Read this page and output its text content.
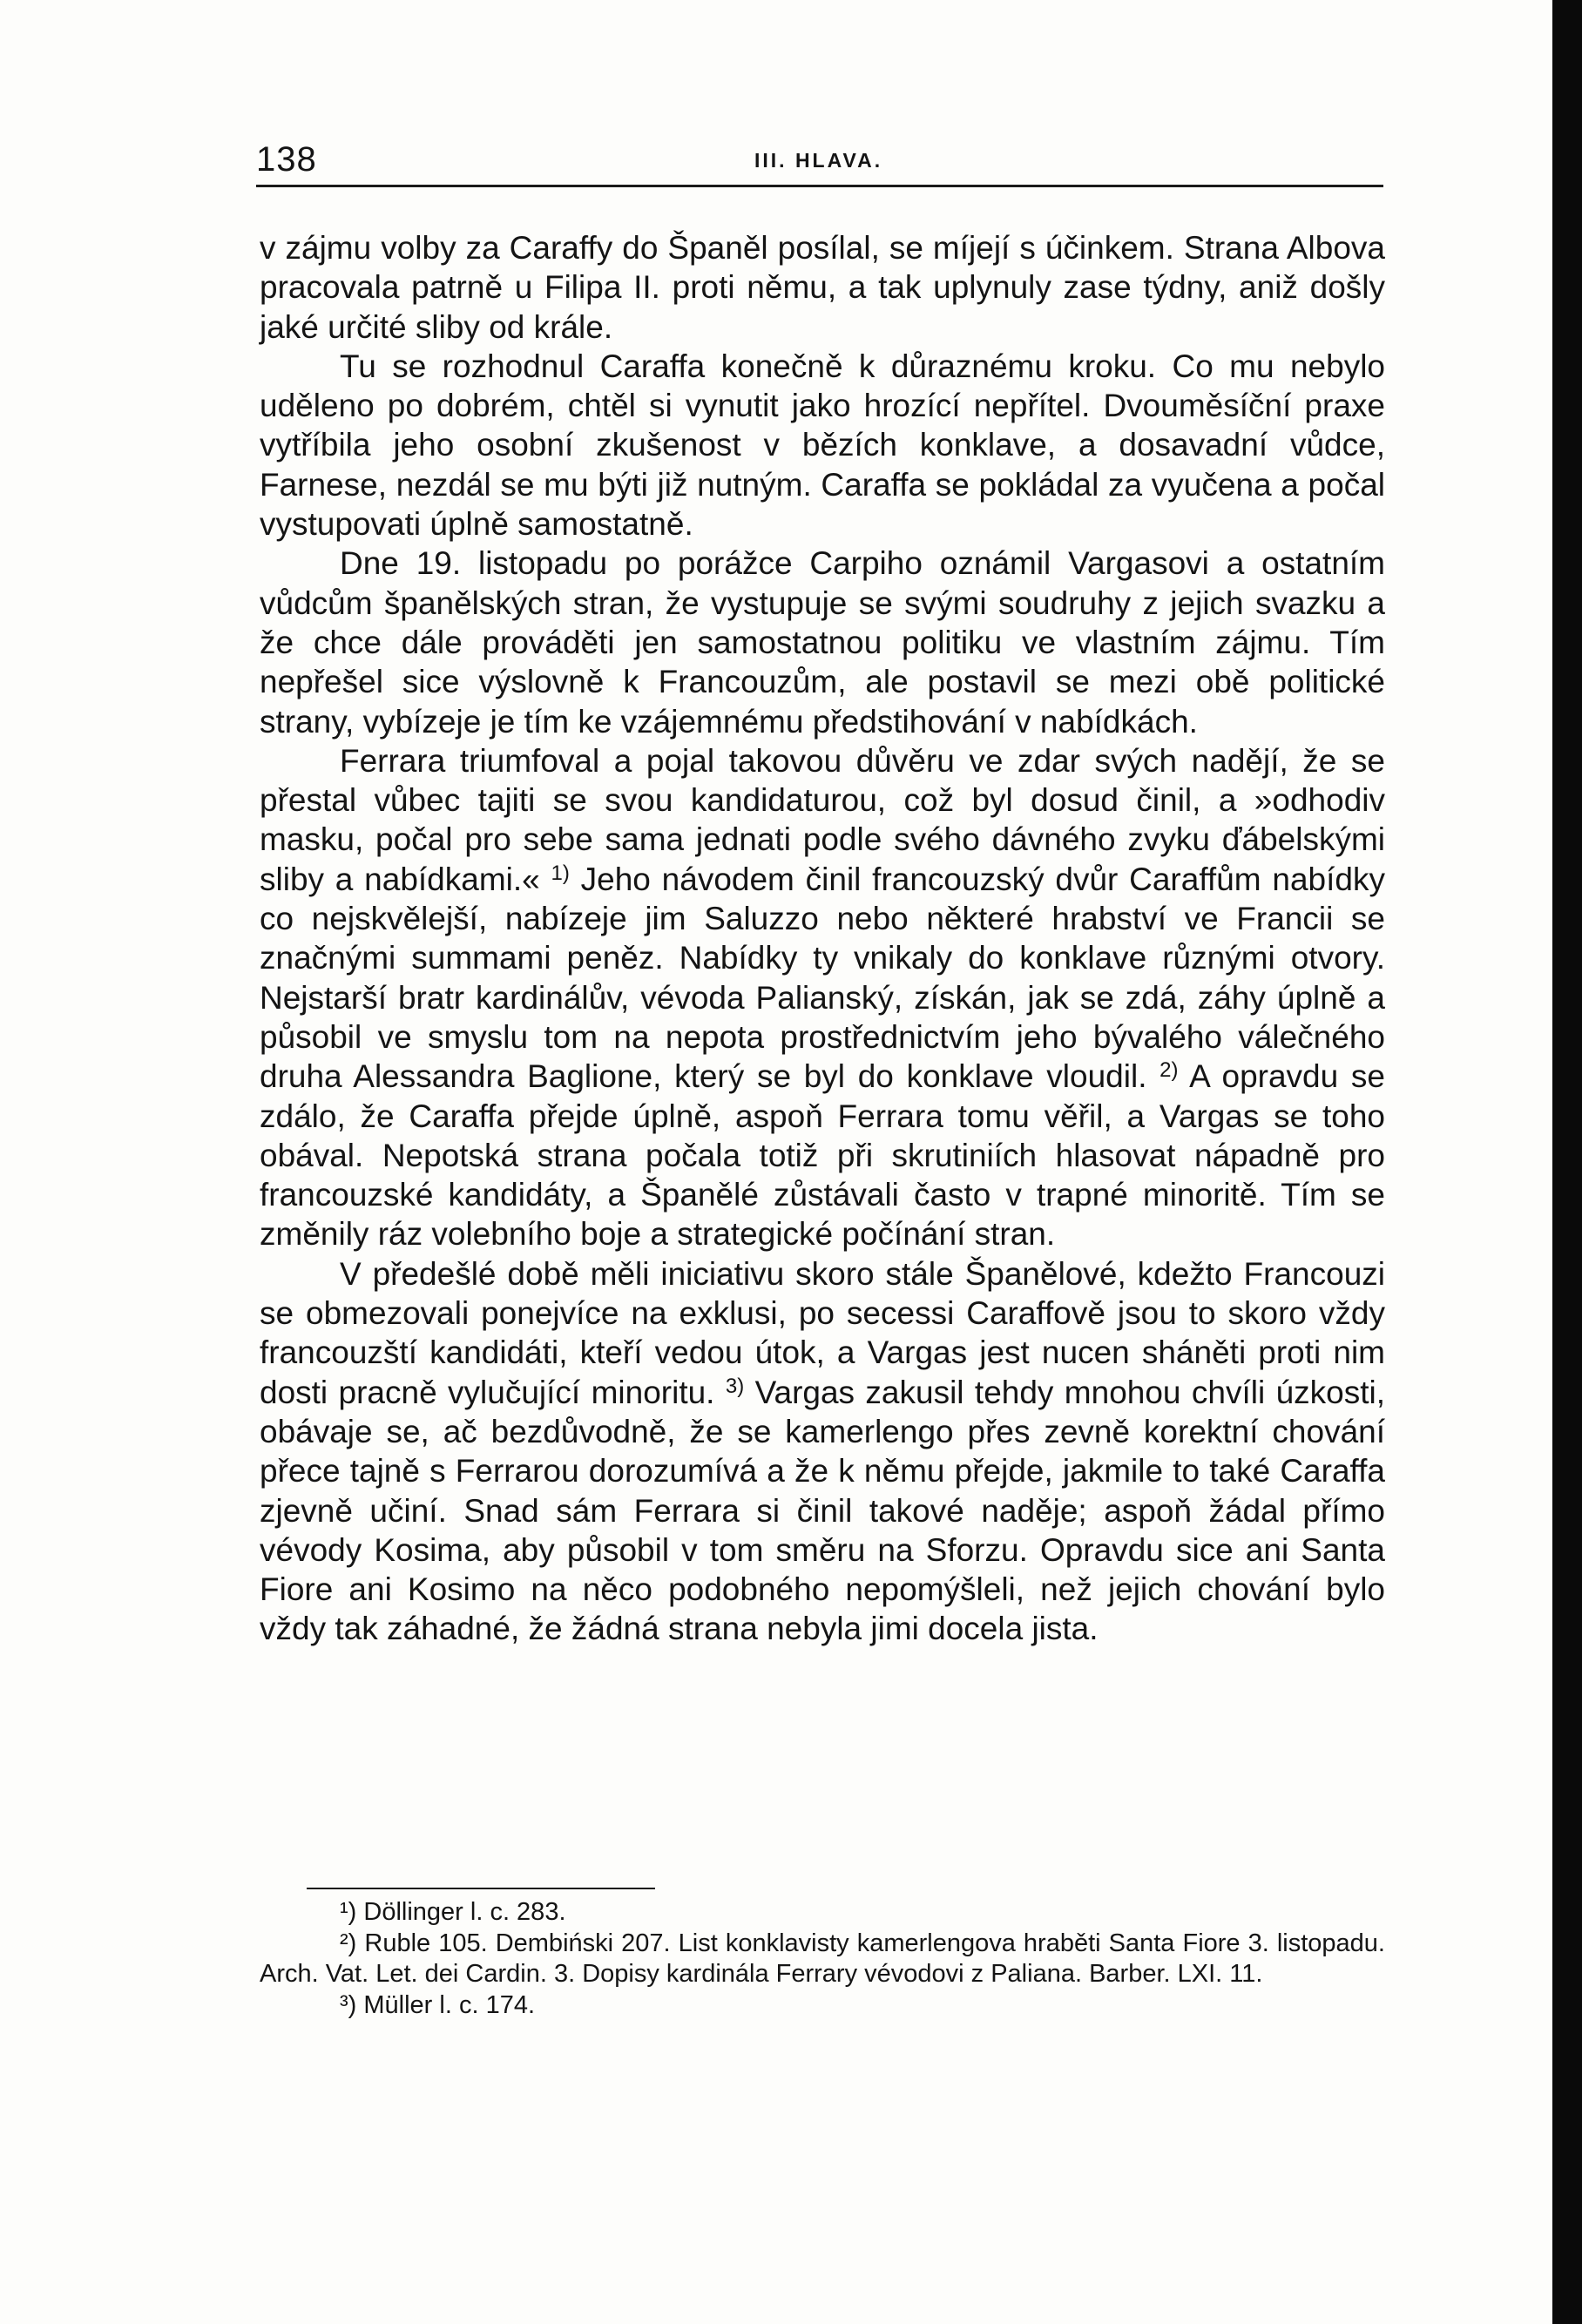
138	III. HLAVA.

v zájmu volby za Caraffy do Španěl posílal, se míjejí s účinkem. Strana Albova pracovala patrně u Filipa II. proti němu, a tak uplynuly zase týdny, aniž došly jaké určité sliby od krále.

Tu se rozhodnul Caraffa konečně k důraznému kroku. Co mu nebylo uděleno po dobrém, chtěl si vynutit jako hrozící nepřítel. Dvouměsíční praxe vytříbila jeho osobní zkušenost v bězích konklave, a dosavadní vůdce, Farnese, nezdál se mu býti již nutným. Caraffa se pokládal za vyučena a počal vystupovati úplně samostatně.

Dne 19. listopadu po porážce Carpiho oznámil Vargasovi a ostatním vůdcům španělských stran, že vystupuje se svými soudruhy z jejich svazku a že chce dále prováděti jen samostatnou politiku ve vlastním zájmu. Tím nepřešel sice výslovně k Francouzům, ale postavil se mezi obě politické strany, vybízeje je tím ke vzájemnému předstihování v nabídkách.

Ferrara triumfoval a pojal takovou důvěru ve zdar svých nadějí, že se přestal vůbec tajiti se svou kandidaturou, což byl dosud činil, a »odhodiv masku, počal pro sebe sama jednati podle svého dávného zvyku ďábelskými sliby a nabídkami.« $^{1)}$ Jeho návodem činil francouzský dvůr Caraffům nabídky co nejskvělejší, nabízeje jim Saluzzo nebo některé hrabství ve Francii se značnými summami peněz. Nabídky ty vnikaly do konklave různými otvory. Nejstarší bratr kardinálův, vévoda Palianský, získán, jak se zdá, záhy úplně a působil ve smyslu tom na nepota prostřednictvím jeho bývalého válečného druha Alessandra Baglione, který se byl do konklave vloudil. $^{2)}$ A opravdu se zdálo, že Caraffa přejde úplně, aspoň Ferrara tomu věřil, a Vargas se toho obával. Nepotská strana počala totiž při skrutiniích hlasovat nápadně pro francouzské kandidáty, a Španělé zůstávali často v trapné minoritě. Tím se změnily ráz volebního boje a strategické počínání stran.

V předešlé době měli iniciativu skoro stále Španělové, kdežto Francouzi se obmezovali ponejvíce na exklusi, po secessi Caraffově jsou to skoro vždy francouzští kandidáti, kteří vedou útok, a Vargas jest nucen sháněti proti nim dosti pracně vylučující minoritu. $^{3)}$ Vargas zakusil tehdy mnohou chvíli úzkosti, obávaje se, ač bezdůvodně, že se kamerlengo přes zevně korektní chování přece tajně s Ferrarou dorozumívá a že k němu přejde, jakmile to také Caraffa zjevně učiní. Snad sám Ferrara si činil takové naděje; aspoň žádal přímo vévody Kosima, aby působil v tom směru na Sforzu. Opravdu sice ani Santa Fiore ani Kosimo na něco podobného nepomýšleli, než jejich chování bylo vždy tak záhadné, že žádná strana nebyla jimi docela jista.

¹) Döllinger l. c. 283.

²) Ruble 105. Dembiński 207. List konklavisty kamerlengova hraběti Santa Fiore 3. listopadu. Arch. Vat. Let. dei Cardin. 3. Dopisy kardinála Ferrary vévodovi z Paliana. Barber. LXI. 11.

³) Müller l. c. 174.
